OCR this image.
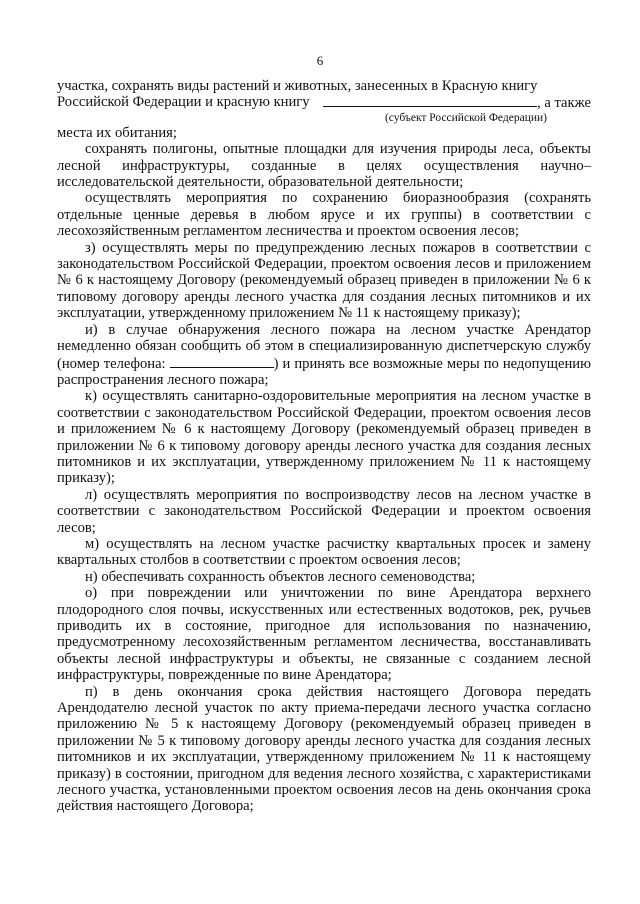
6

участка, сохранять виды растений и животных, занесенных в Красную книгу

Российской Федерации и красную книгу	, а также
(субъект Российской Федерации)

места их обитания;

сохранять полигоны, опытные площадки для изучения природы леса, объекты лесной инфраструктуры, созданные в целях осуществления научно–исследовательской деятельности, образовательной деятельности;

осуществлять мероприятия по сохранению биоразнообразия (сохранять отдельные ценные деревья в любом ярусе и их группы) в соответствии с лесохозяйственным регламентом лесничества и проектом освоения лесов;

з) осуществлять меры по предупреждению лесных пожаров в соответствии с законодательством Российской Федерации, проектом освоения лесов и приложением № 6 к настоящему Договору (рекомендуемый образец приведен в приложении № 6 к типовому договору аренды лесного участка для создания лесных питомников и их эксплуатации, утвержденному приложением № 11 к настоящему приказу);

и) в случае обнаружения лесного пожара на лесном участке Арендатор немедленно обязан сообщить об этом в специализированную диспетчерскую службу (номер телефона:	) и принять все возможные меры по недопущению распространения лесного пожара;

к) осуществлять санитарно-оздоровительные мероприятия на лесном участке в соответствии с законодательством Российской Федерации, проектом освоения лесов и приложением № 6 к настоящему Договору (рекомендуемый образец приведен в приложении № 6 к типовому договору аренды лесного участка для создания лесных питомников и их эксплуатации, утвержденному приложением № 11 к настоящему приказу);

л) осуществлять мероприятия по воспроизводству лесов на лесном участке в соответствии с законодательством Российской Федерации и проектом освоения лесов;

м) осуществлять на лесном участке расчистку квартальных просек и замену квартальных столбов в соответствии с проектом освоения лесов;

н) обеспечивать сохранность объектов лесного семеноводства;

о) при повреждении или уничтожении по вине Арендатора верхнего плодородного слоя почвы, искусственных или естественных водотоков, рек, ручьев приводить их в состояние, пригодное для использования по назначению, предусмотренному лесохозяйственным регламентом лесничества, восстанавливать объекты лесной инфраструктуры и объекты, не связанные с созданием лесной инфраструктуры, поврежденные по вине Арендатора;

п) в день окончания срока действия настоящего Договора передать Арендодателю лесной участок по акту приема-передачи лесного участка согласно приложению № 5 к настоящему Договору (рекомендуемый образец приведен в приложении № 5 к типовому договору аренды лесного участка для создания лесных питомников и их эксплуатации, утвержденному приложением № 11 к настоящему приказу) в состоянии, пригодном для ведения лесного хозяйства, с характеристиками лесного участка, установленными проектом освоения лесов на день окончания срока действия настоящего Договора;
